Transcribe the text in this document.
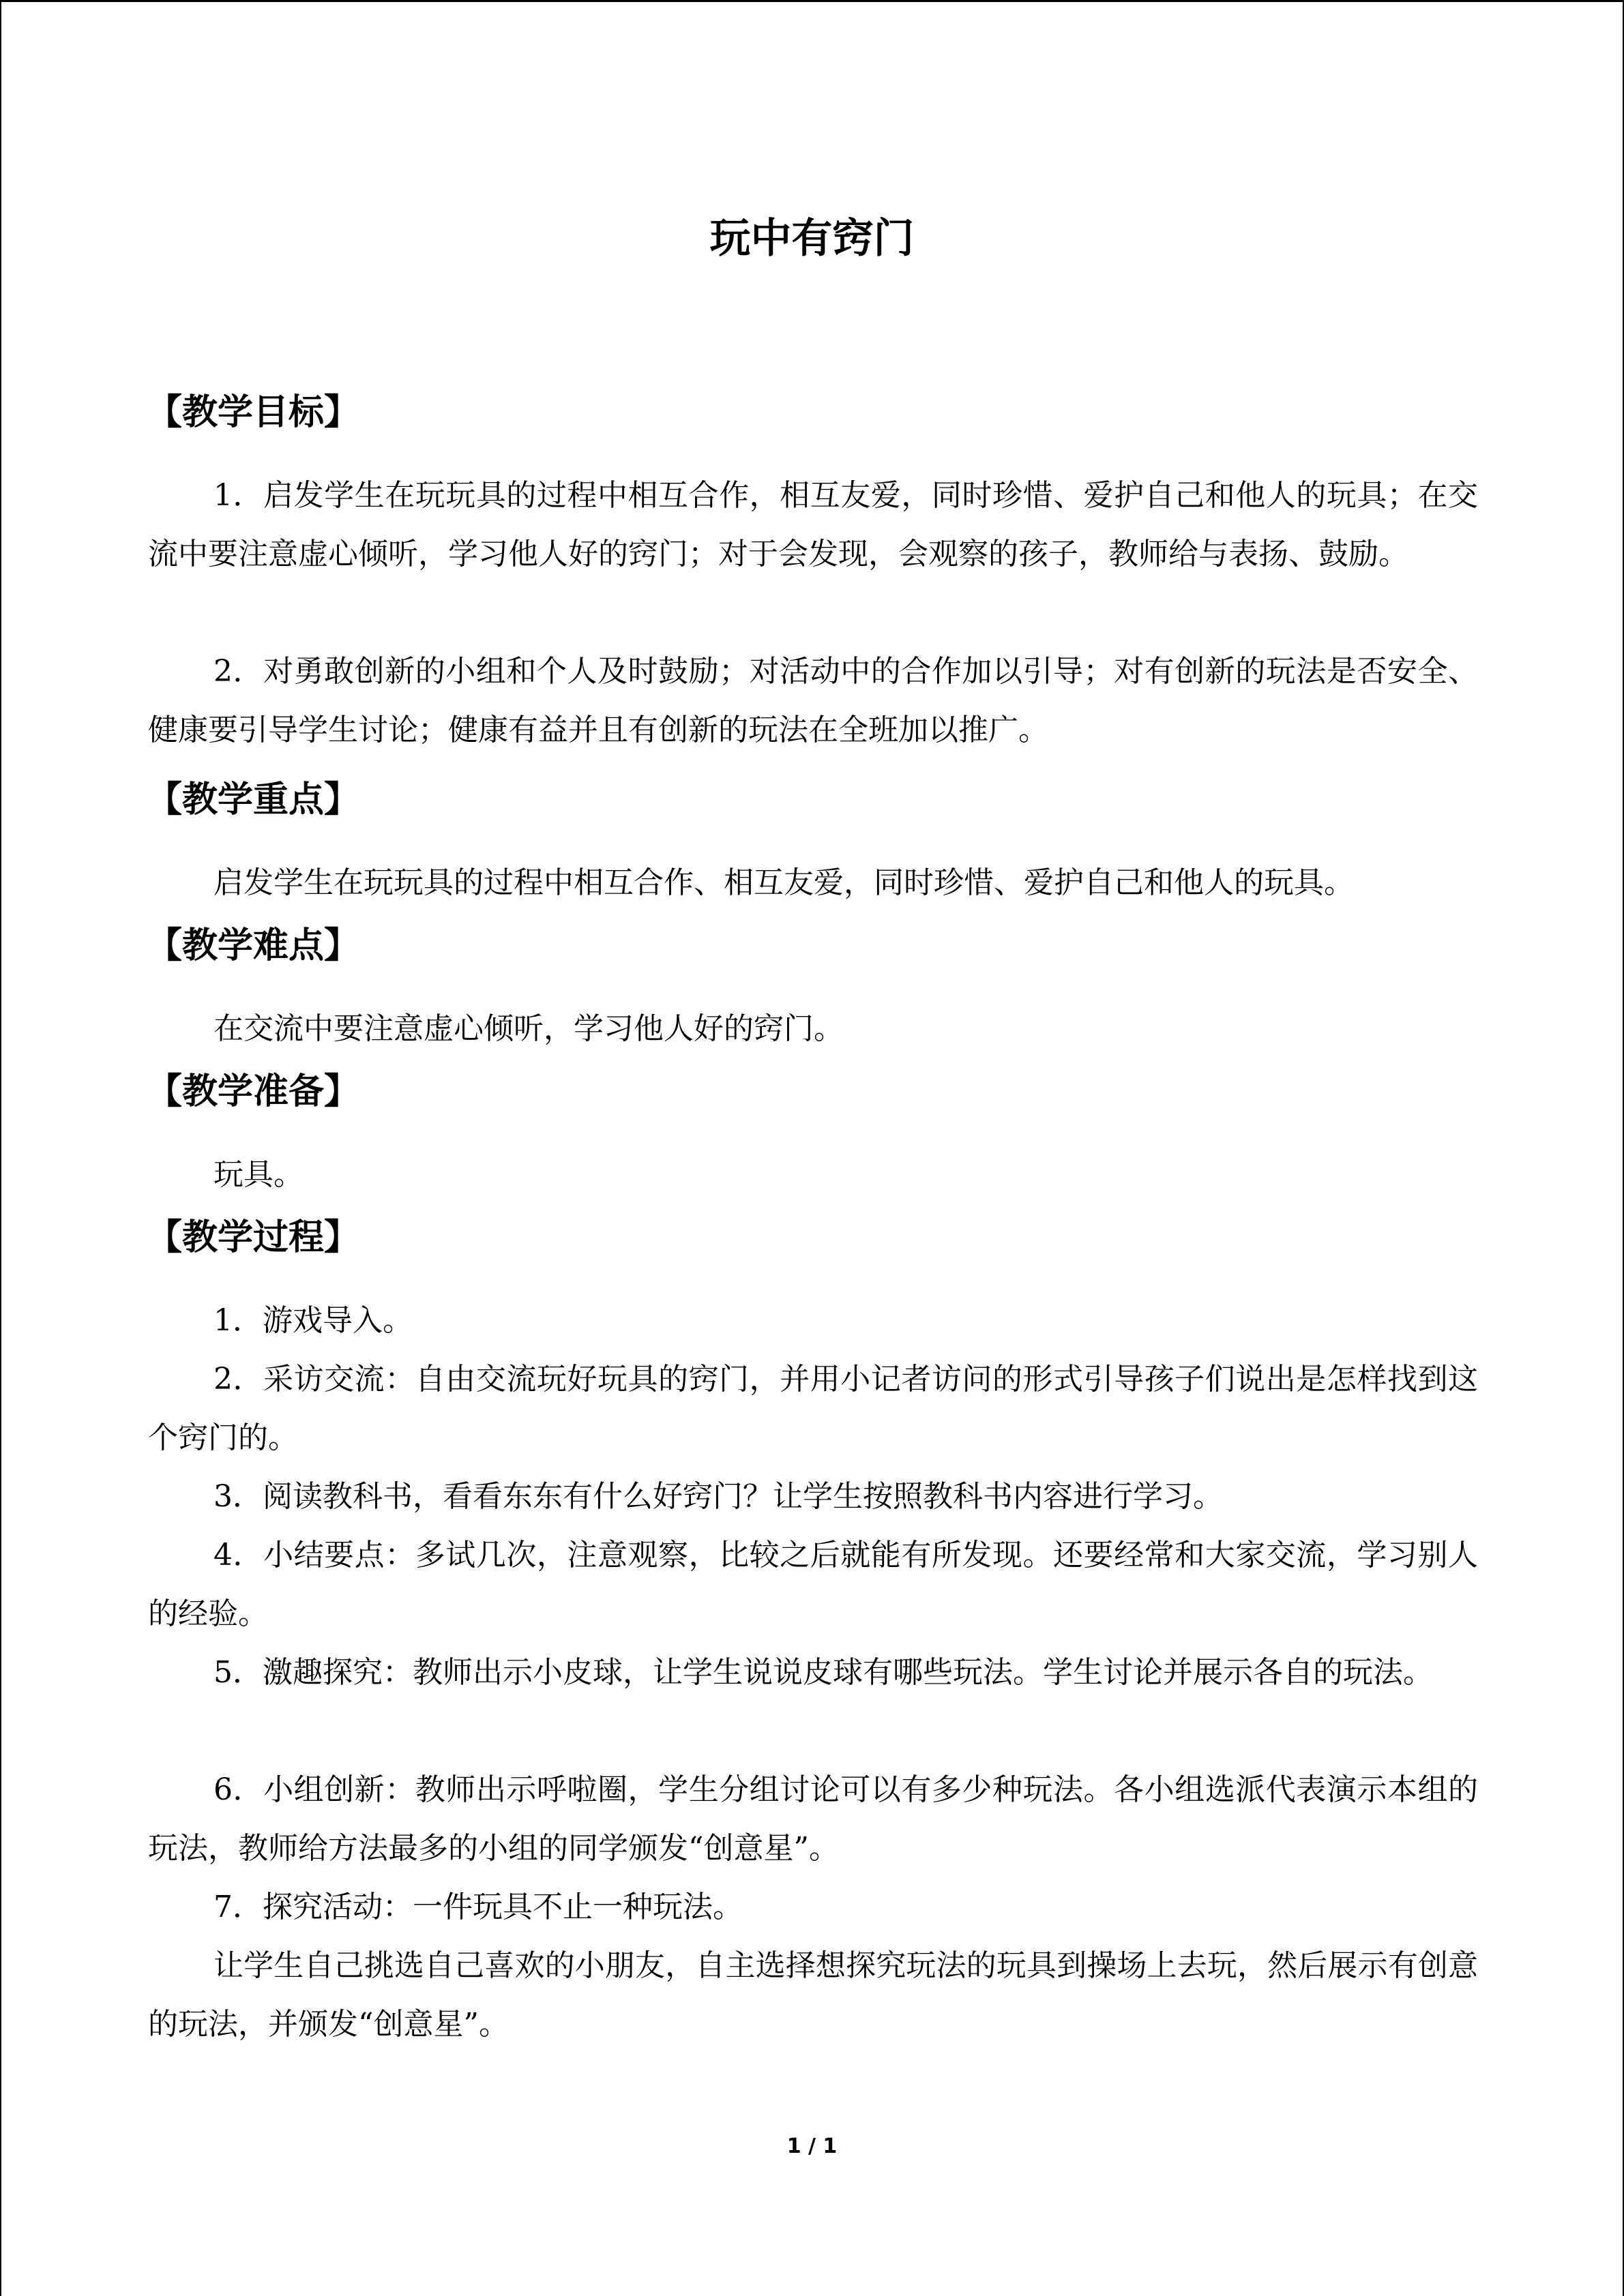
玩中有窍门
【教学目标】

1．启发学生在玩玩具的过程中相互合作，相互友爱，同时珍惜、爱护自己和他人的玩具；在交流中要注意虚心倾听，学习他人好的窍门；对于会发现，会观察的孩子，教师给与表扬、鼓励。

2．对勇敢创新的小组和个人及时鼓励；对活动中的合作加以引导；对有创新的玩法是否安全、健康要引导学生讨论；健康有益并且有创新的玩法在全班加以推广。

【教学重点】

启发学生在玩玩具的过程中相互合作、相互友爱，同时珍惜、爱护自己和他人的玩具。

【教学难点】

在交流中要注意虚心倾听，学习他人好的窍门。

【教学准备】

玩具。

【教学过程】

1．游戏导入。

2．采访交流：自由交流玩好玩具的窍门，并用小记者访问的形式引导孩子们说出是怎样找到这个窍门的。

3．阅读教科书，看看东东有什么好窍门？让学生按照教科书内容进行学习。

4．小结要点：多试几次，注意观察，比较之后就能有所发现。还要经常和大家交流，学习别人的经验。

5．激趣探究：教师出示小皮球，让学生说说皮球有哪些玩法。学生讨论并展示各自的玩法。

6．小组创新：教师出示呼啦圈，学生分组讨论可以有多少种玩法。各小组选派代表演示本组的玩法，教师给方法最多的小组的同学颁发“创意星”。

7．探究活动：一件玩具不止一种玩法。

让学生自己挑选自己喜欢的小朋友，自主选择想探究玩法的玩具到操场上去玩，然后展示有创意的玩法，并颁发“创意星”。

1 / 1
